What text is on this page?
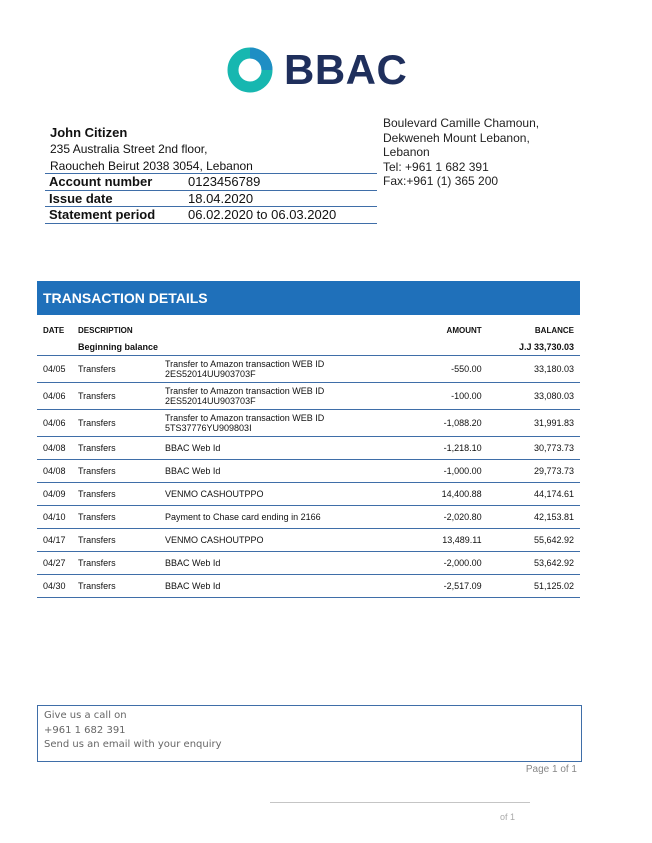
BBAC
John Citizen
235 Australia Street 2nd floor,
Raoucheh Beirut 2038 3054, Lebanon
Account number	0123456789
Issue date	18.04.2020
Statement period	06.02.2020 to 06.03.2020
Boulevard Camille Chamoun,
Dekweneh Mount Lebanon,
Lebanon
Tel: +961 1 682 391
Fax:+961 (1) 365 200
TRANSACTION DETAILS
DATE	DESCRIPTION		AMOUNT	BALANCE
	Beginning balance			J.J 33,730.03
04/05	Transfers	Transfer to Amazon transaction WEB ID 2ES52014UU903703F	-550.00	33,180.03
04/06	Transfers	Transfer to Amazon transaction WEB ID 2ES52014UU903703F	-100.00	33,080.03
04/06	Transfers	Transfer to Amazon transaction WEB ID 5TS37776YU909803I	-1,088.20	31,991.83
04/08	Transfers	BBAC Web Id	-1,218.10	30,773.73
04/08	Transfers	BBAC Web Id	-1,000.00	29,773.73
04/09	Transfers	VENMO CASHOUTPPO	14,400.88	44,174.61
04/10	Transfers	Payment to Chase card ending in 2166	-2,020.80	42,153.81
04/17	Transfers	VENMO CASHOUTPPO	13,489.11	55,642.92
04/27	Transfers	BBAC Web Id	-2,000.00	53,642.92
04/30	Transfers	BBAC Web Id	-2,517.09	51,125.02
Give us a call on
+961 1 682 391
Send us an email with your enquiry
Page 1 of 1
of 1
